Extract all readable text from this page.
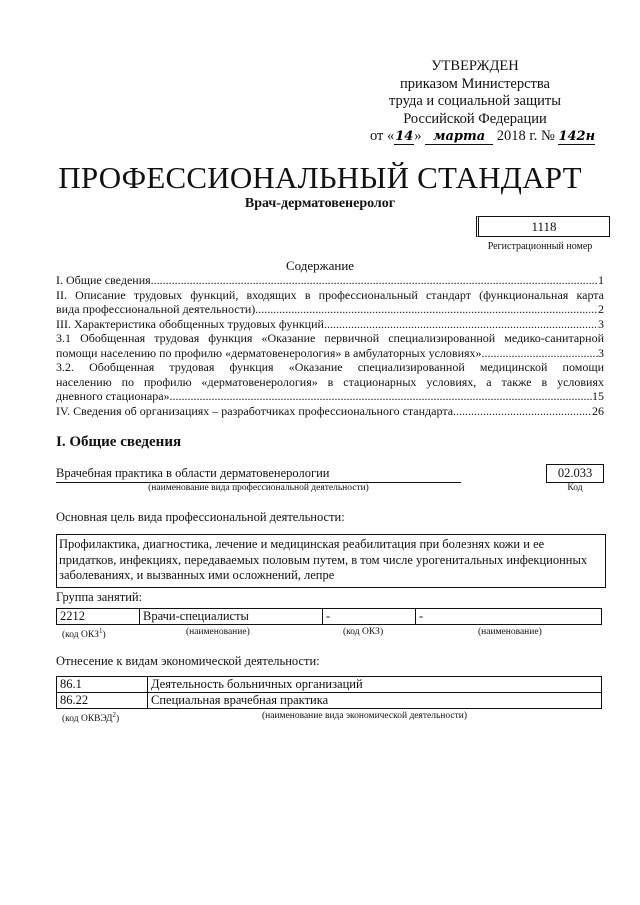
УТВЕРЖДЕН
приказом Министерства
труда и социальной защиты
Российской Федерации
от «14» марта 2018 г. № 142н
ПРОФЕССИОНАЛЬНЫЙ СТАНДАРТ
Врач-дерматовенеролог
1118
Регистрационный номер
Содержание
I. Общие сведения .....	1
II. Описание трудовых функций, входящих в профессиональный стандарт (функциональная карта
вида профессиональной деятельности) .....	2
III. Характеристика обобщенных трудовых функций .....	3
3.1 Обобщенная трудовая функция «Оказание первичной специализированной медико-санитарной
помощи населению по профилю «дерматовенерология» в амбулаторных условиях» .....	3
3.2. Обобщенная трудовая функция «Оказание специализированной медицинской помощи
населению по профилю «дерматовенерология» в стационарных условиях, а также в условиях
дневного стационара» .....	15
IV. Сведения об организациях – разработчиках профессионального стандарта .....	26
I. Общие сведения
Врачебная практика в области дерматовенерологии
(наименование вида профессиональной деятельности)
02.033
Код
Основная цель вида профессиональной деятельности:
Профилактика, диагностика, лечение и медицинская реабилитация при болезнях кожи и ее придатков, инфекциях, передаваемых половым путем, в том числе урогенитальных инфекционных заболеваниях, и вызванных ими осложнений, лепре
Группа занятий:
2212	Врачи-специалисты	-	-
(код ОКЗ$^1$)	(наименование)	(код ОКЗ)	(наименование)
Отнесение к видам экономической деятельности:
86.1	Деятельность больничных организаций
86.22	Специальная врачебная практика
(код ОКВЭД$^2$)	(наименование вида экономической деятельности)
